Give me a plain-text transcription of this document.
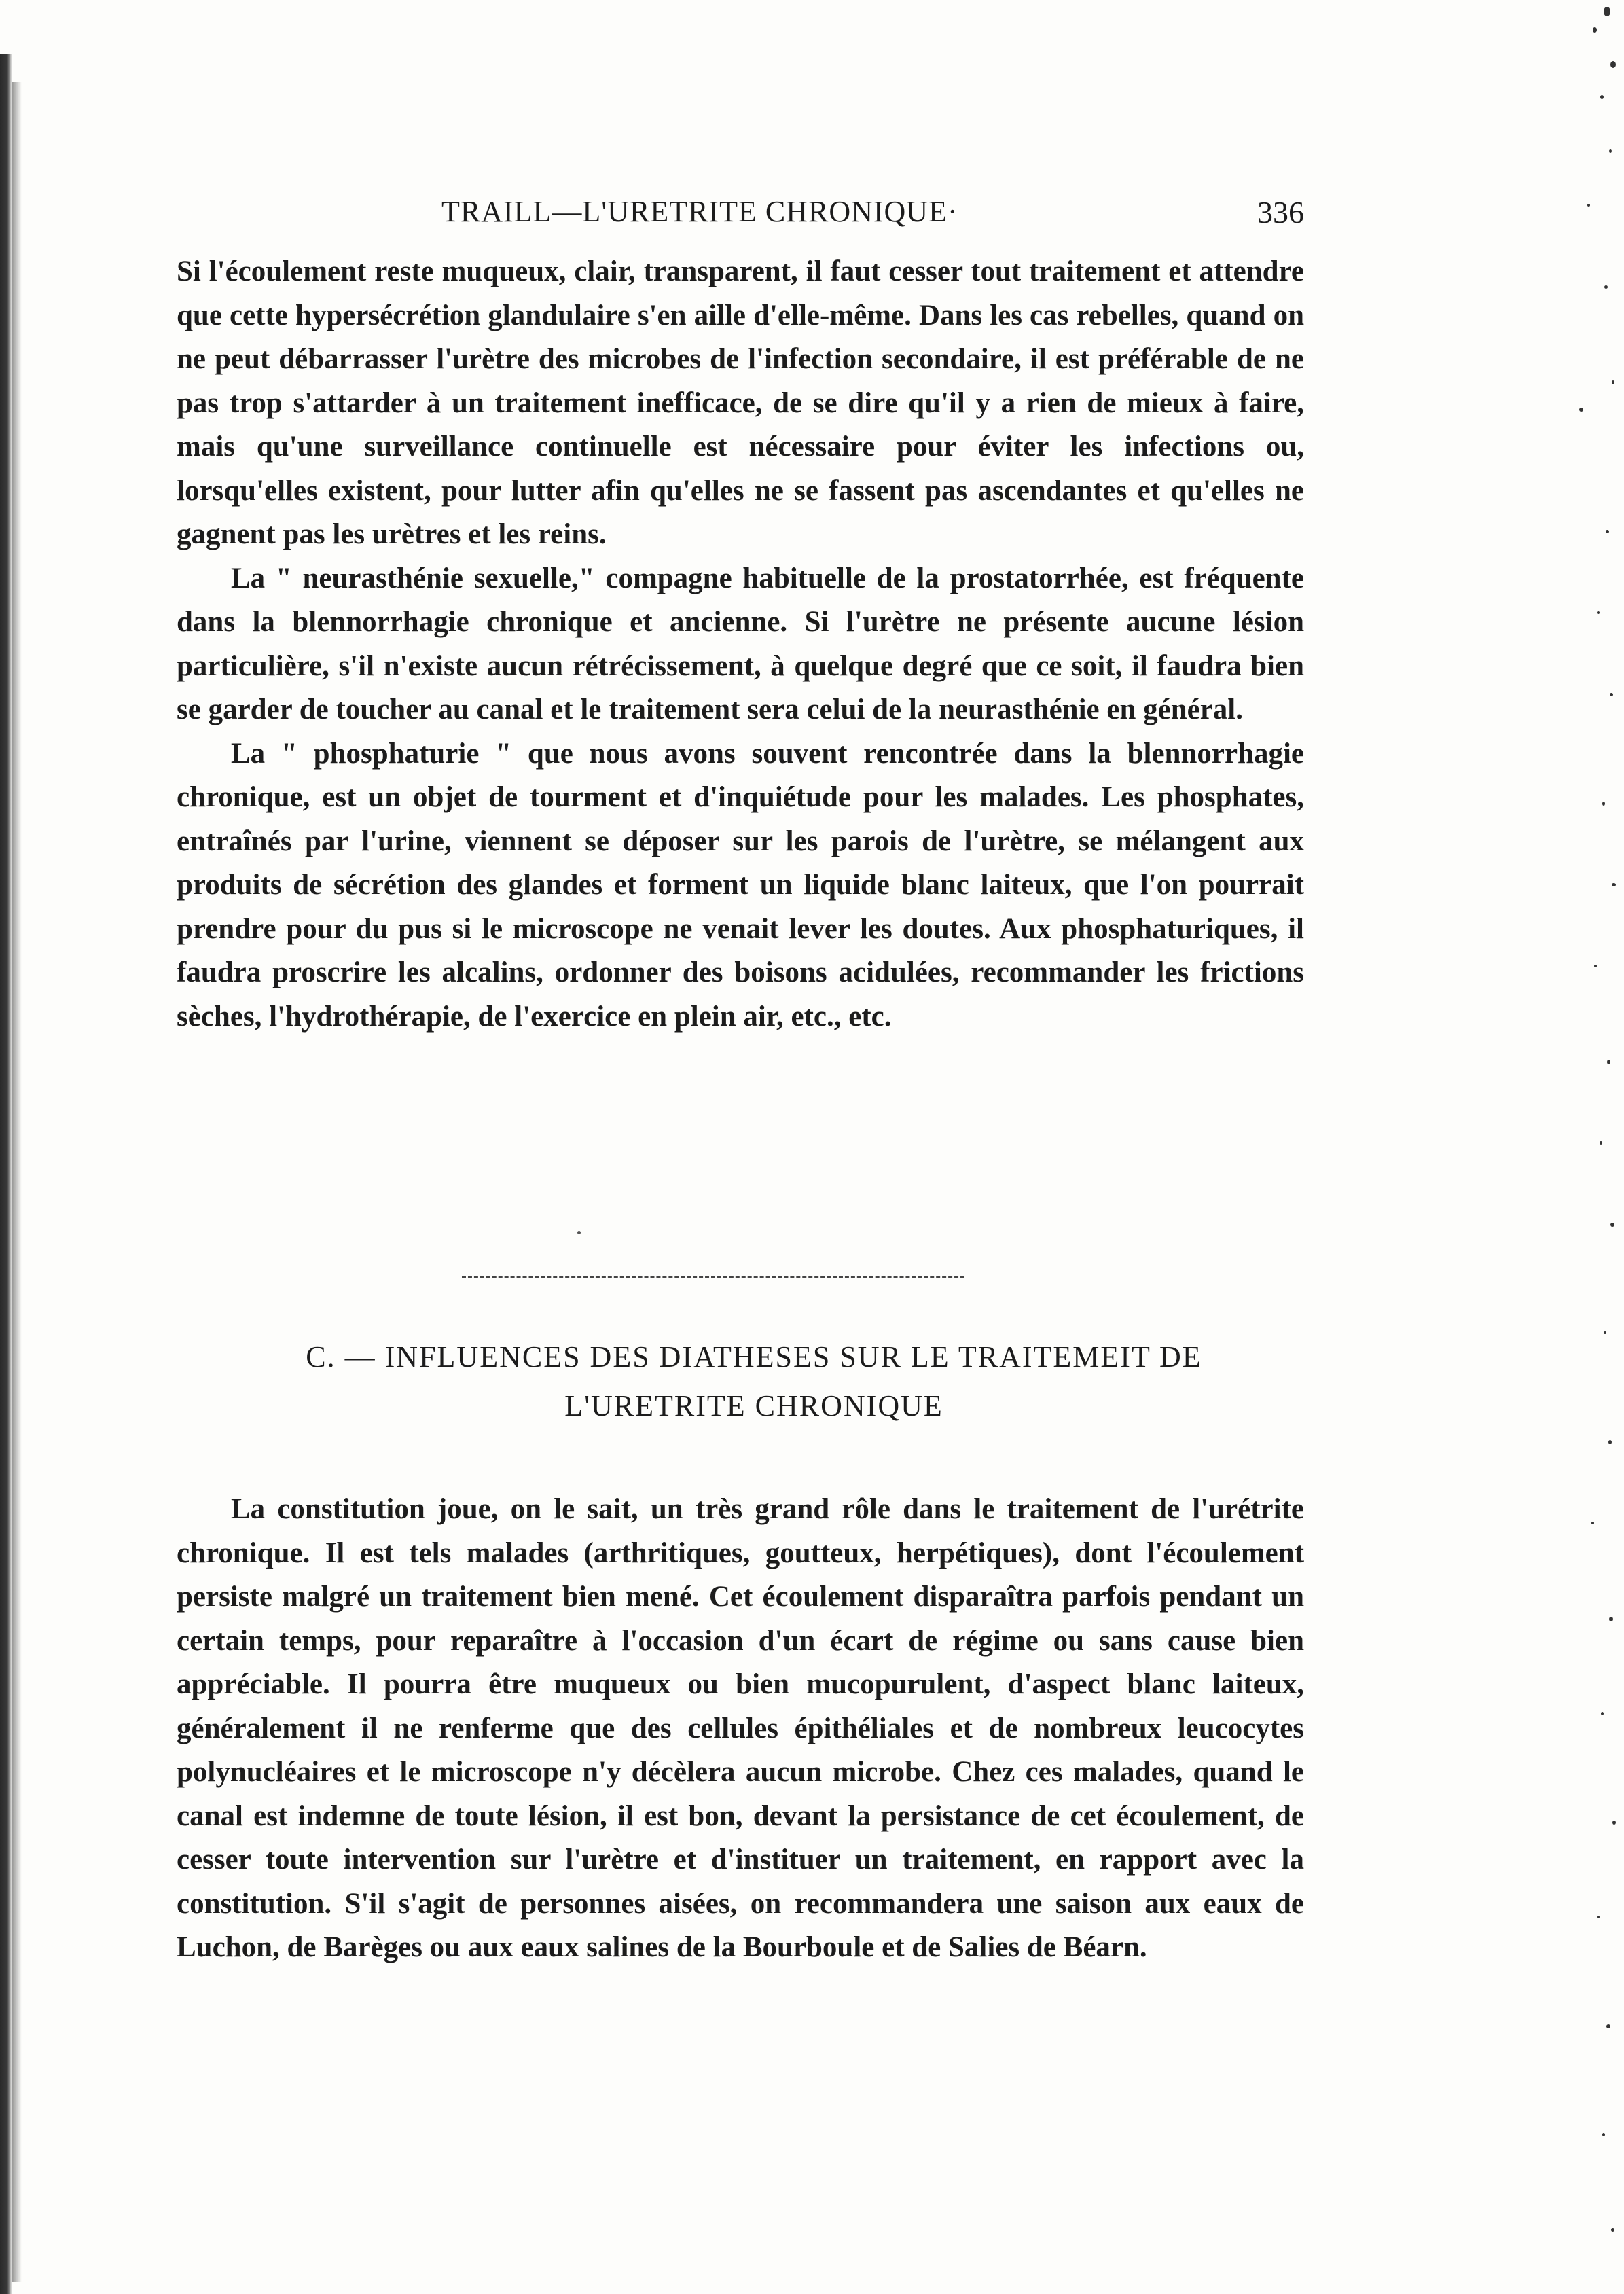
TRAILL—L'URETRITE CHRONIQUE·	336

Si l'écoulement reste muqueux, clair, transparent, il faut cesser tout traitement et attendre que cette hypersécrétion glandulaire s'en aille d'elle-même. Dans les cas rebelles, quand on ne peut débarrasser l'urètre des microbes de l'infection secondaire, il est préférable de ne pas trop s'attarder à un traitement inefficace, de se dire qu'il y a rien de mieux à faire, mais qu'une surveillance continuelle est nécessaire pour éviter les infections ou, lorsqu'elles existent, pour lutter afin qu'elles ne se fassent pas ascendantes et qu'elles ne gagnent pas les urètres et les reins.

La " neurasthénie sexuelle," compagne habituelle de la prostatorrhée, est fréquente dans la blennorrhagie chronique et ancienne. Si l'urètre ne présente aucune lésion particulière, s'il n'existe aucun rétrécissement, à quelque degré que ce soit, il faudra bien se garder de toucher au canal et le traitement sera celui de la neurasthénie en général.

La " phosphaturie " que nous avons souvent rencontrée dans la blennorrhagie chronique, est un objet de tourment et d'inquiétude pour les malades. Les phosphates, entraînés par l'urine, viennent se déposer sur les parois de l'urètre, se mélangent aux produits de sécrétion des glandes et forment un liquide blanc laiteux, que l'on pourrait prendre pour du pus si le microscope ne venait lever les doutes. Aux phosphaturiques, il faudra proscrire les alcalins, ordonner des boisons acidulées, recommander les frictions sèches, l'hydrothérapie, de l'exercice en plein air, etc., etc.

C. — INFLUENCES DES DIATHESES SUR LE TRAITEMEIT DE
L'URETRITE CHRONIQUE

La constitution joue, on le sait, un très grand rôle dans le traitement de l'urétrite chronique. Il est tels malades (arthritiques, goutteux, herpétiques), dont l'écoulement persiste malgré un traitement bien mené. Cet écoulement disparaîtra parfois pendant un certain temps, pour reparaître à l'occasion d'un écart de régime ou sans cause bien appréciable. Il pourra être muqueux ou bien mucopurulent, d'aspect blanc laiteux, généralement il ne renferme que des cellules épithéliales et de nombreux leucocytes polynucléaires et le microscope n'y décèlera aucun microbe. Chez ces malades, quand le canal est indemne de toute lésion, il est bon, devant la persistance de cet écoulement, de cesser toute intervention sur l'urètre et d'instituer un traitement, en rapport avec la constitution. S'il s'agit de personnes aisées, on recommandera une saison aux eaux de Luchon, de Barèges ou aux eaux salines de la Bourboule et de Salies de Béarn.
